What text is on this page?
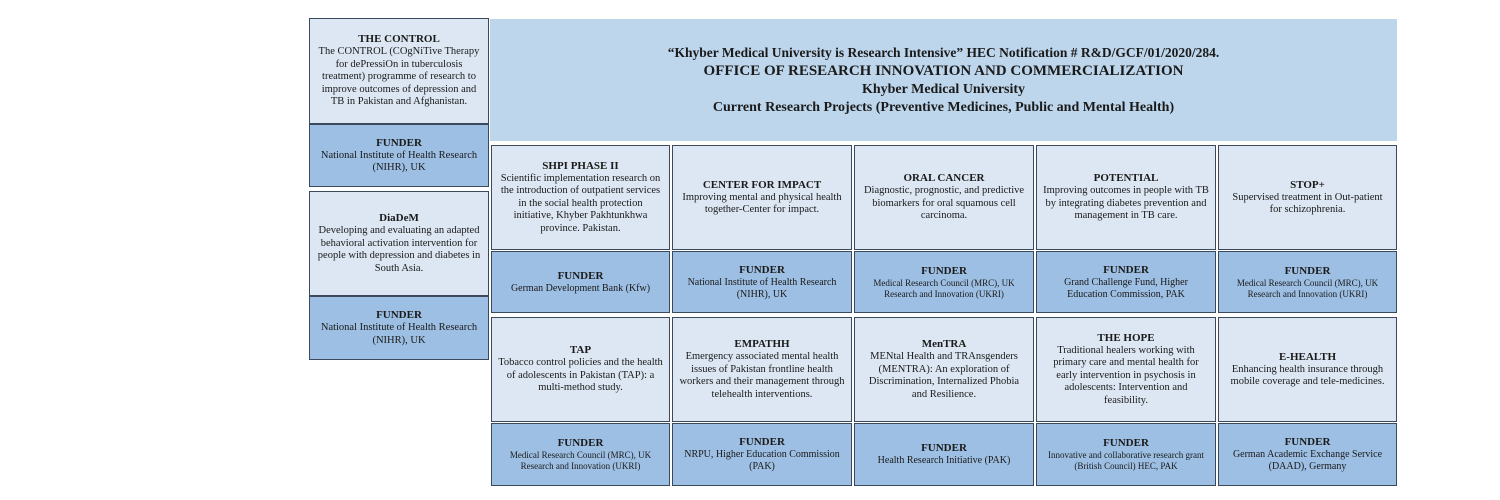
“Khyber Medical University is Research Intensive” HEC Notification # R&D/GCF/01/2020/284.
OFFICE OF RESEARCH INNOVATION AND COMMERCIALIZATION
Khyber Medical University
Current Research Projects (Preventive Medicines, Public and Mental Health)
THE CONTROL
The CONTROL (COgNiTive Therapy for dePressiOn in tuberculosis treatment) programme of research to improve outcomes of depression and TB in Pakistan and Afghanistan.
FUNDER
National Institute of Health Research (NIHR), UK
DiaDeM
Developing and evaluating an adapted behavioral activation intervention for people with depression and diabetes in South Asia.
FUNDER
National Institute of Health Research (NIHR), UK
SHPI PHASE II
Scientific implementation research on the introduction of outpatient services in the social health protection initiative, Khyber Pakhtunkhwa province. Pakistan.
CENTER FOR IMPACT
Improving mental and physical health together-Center for impact.
ORAL CANCER
Diagnostic, prognostic, and predictive biomarkers for oral squamous cell carcinoma.
POTENTIAL
Improving outcomes in people with TB by integrating diabetes prevention and management in TB care.
STOP+
Supervised treatment in Out-patient for schizophrenia.
FUNDER
German Development Bank (Kfw)
FUNDER
National Institute of Health Research (NIHR), UK
FUNDER
Medical Research Council (MRC), UK Research and Innovation (UKRI)
FUNDER
Grand Challenge Fund, Higher Education Commission, PAK
FUNDER
Medical Research Council (MRC), UK Research and Innovation (UKRI)
TAP
Tobacco control policies and the health of adolescents in Pakistan (TAP): a multi-method study.
EMPATHH
Emergency associated mental health issues of Pakistan frontline health workers and their management through telehealth interventions.
MenTRA
MENtal Health and TRAnsgenders (MENTRA): An exploration of Discrimination, Internalized Phobia and Resilience.
THE HOPE
Traditional healers working with primary care and mental health for early intervention in psychosis in adolescents: Intervention and feasibility.
E-HEALTH
Enhancing health insurance through mobile coverage and tele-medicines.
FUNDER
Medical Research Council (MRC), UK Research and Innovation (UKRI)
FUNDER
NRPU, Higher Education Commission (PAK)
FUNDER
Health Research Initiative (PAK)
FUNDER
Innovative and collaborative research grant (British Council) HEC, PAK
FUNDER
German Academic Exchange Service (DAAD), Germany
